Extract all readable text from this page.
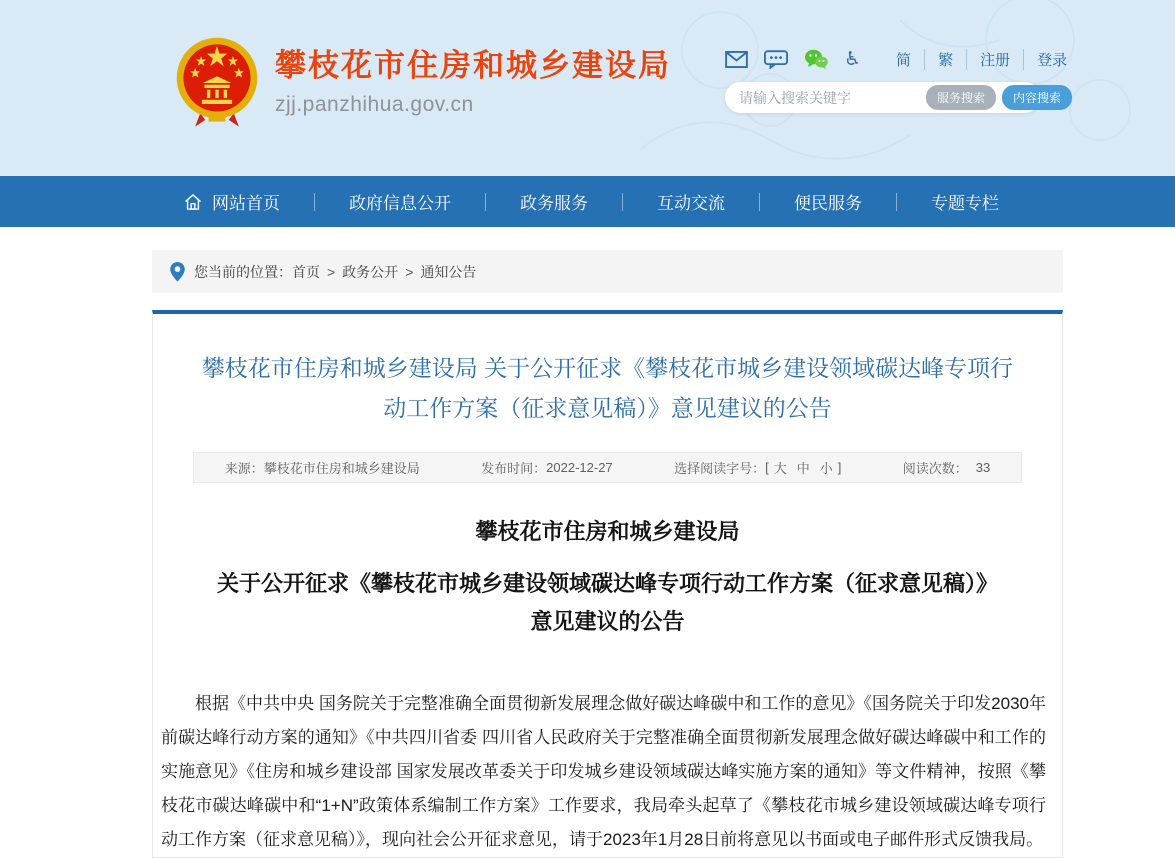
攀枝花市住房和城乡建设局
zjj.panzhihua.gov.cn
♿	简	繁	注册	登录
请输入搜索关键字
服务搜索	内容搜索
网站首页	政府信息公开	政务服务	互动交流	便民服务	专题专栏
您当前的位置： 首页 > 政务公开 > 通知公告
攀枝花市住房和城乡建设局 关于公开征求《攀枝花市城乡建设领域碳达峰专项行动工作方案（征求意见稿）》意见建议的公告
来源： 攀枝花市住房和城乡建设局	发布时间： 2022-12-27	选择阅读字号： [ 大 中 小 ]	阅读次数： 33
攀枝花市住房和城乡建设局
关于公开征求《攀枝花市城乡建设领域碳达峰专项行动工作方案（征求意见稿）》意见建议的公告

根据《中共中央 国务院关于完整准确全面贯彻新发展理念做好碳达峰碳中和工作的意见》《国务院关于印发2030年前碳达峰行动方案的通知》《中共四川省委 四川省人民政府关于完整准确全面贯彻新发展理念做好碳达峰碳中和工作的实施意见》《住房和城乡建设部 国家发展改革委关于印发城乡建设领域碳达峰实施方案的通知》等文件精神，按照《攀枝花市碳达峰碳中和“1+N”政策体系编制工作方案》工作要求，我局牵头起草了《攀枝花市城乡建设领域碳达峰专项行动工作方案（征求意见稿）》，现向社会公开征求意见，请于2023年1月28日前将意见以书面或电子邮件形式反馈我局。
